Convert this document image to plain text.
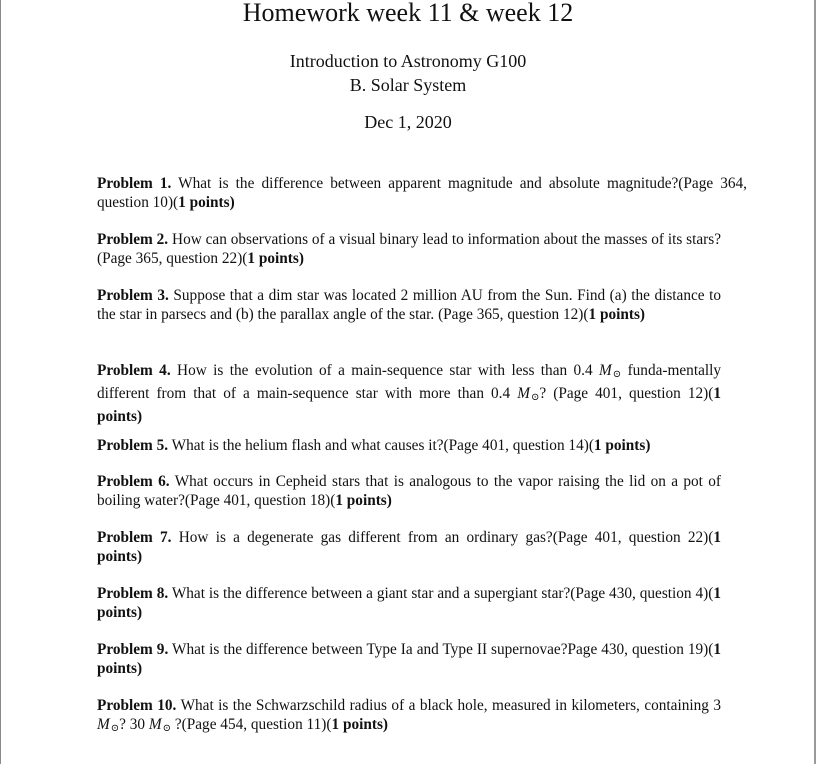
Homework week 11 & week 12
Introduction to Astronomy G100
B. Solar System
Dec 1, 2020

Problem 1. What is the difference between apparent magnitude and absolute magnitude?(Page 364, question 10)(1 points)

Problem 2. How can observations of a visual binary lead to information about the masses of its stars?(Page 365, question 22)(1 points)

Problem 3. Suppose that a dim star was located 2 million AU from the Sun. Find (a) the distance to the star in parsecs and (b) the parallax angle of the star. (Page 365, question 12)(1 points)

Problem 4. How is the evolution of a main-sequence star with less than 0.4 M⊙ funda-mentally different from that of a main-sequence star with more than 0.4 M⊙? (Page 401, question 12)(1 points)

Problem 5. What is the helium flash and what causes it?(Page 401, question 14)(1 points)

Problem 6. What occurs in Cepheid stars that is analogous to the vapor raising the lid on a pot of boiling water?(Page 401, question 18)(1 points)

Problem 7. How is a degenerate gas different from an ordinary gas?(Page 401, question 22)(1 points)

Problem 8. What is the difference between a giant star and a supergiant star?(Page 430, question 4)(1 points)

Problem 9. What is the difference between Type Ia and Type II supernovae?Page 430, question 19)(1 points)

Problem 10. What is the Schwarzschild radius of a black hole, measured in kilometers, containing 3 M⊙? 30 M⊙ ?(Page 454, question 11)(1 points)
